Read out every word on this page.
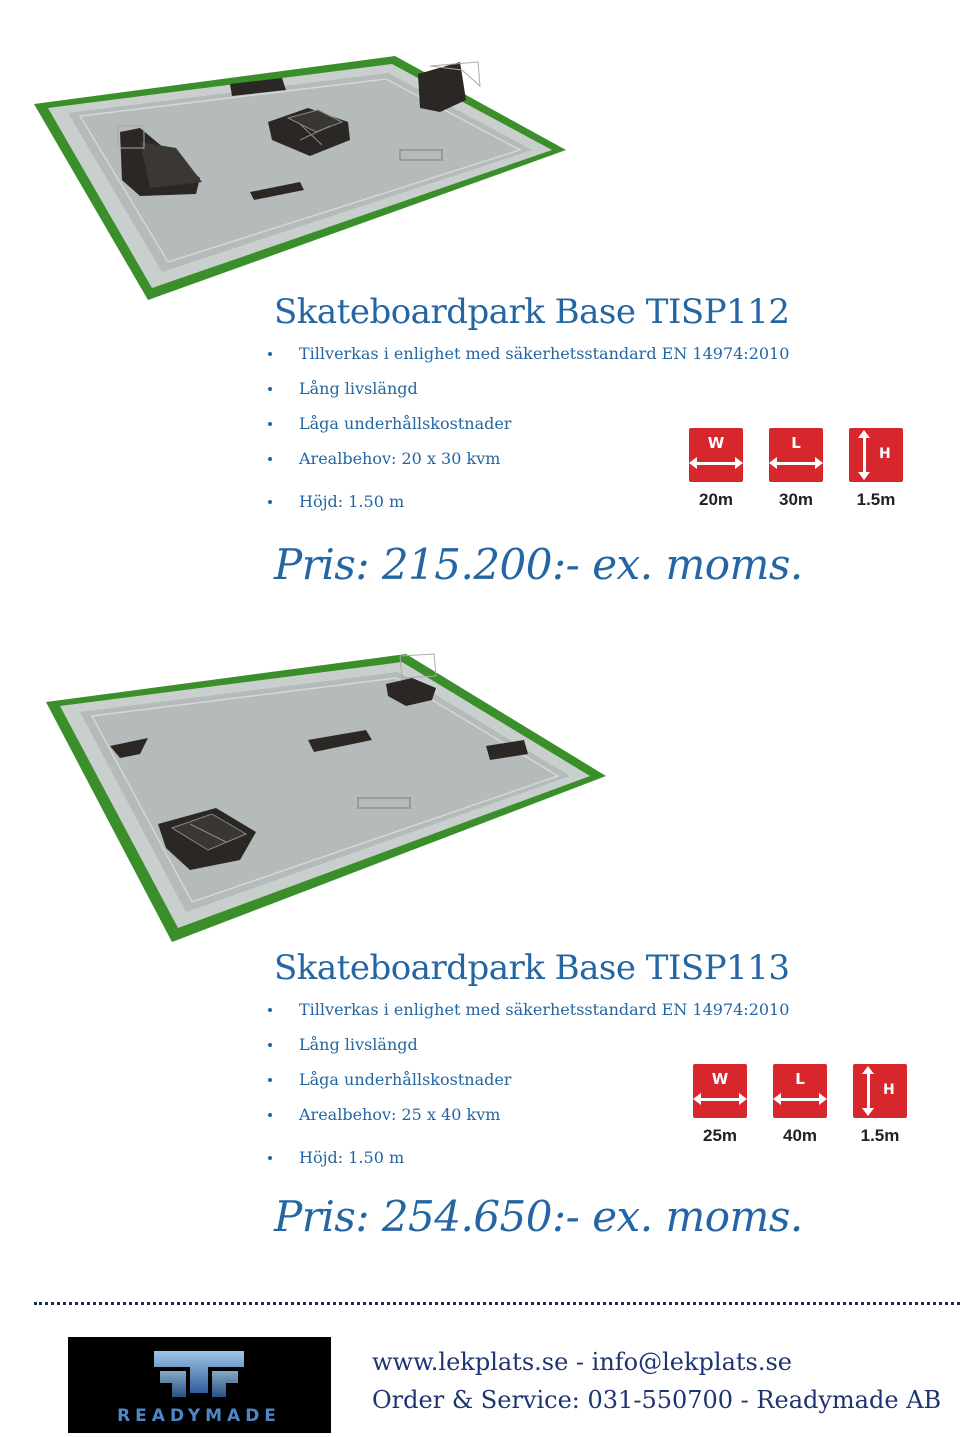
Skateboardpark Base TISP112
Tillverkas i enlighet med säkerhetsstandard EN 14974:2010
Lång livslängd
Låga underhållskostnader
Arealbehov: 20 x 30 kvm
Höjd: 1.50 m
W
20m
L
30m
H
1.5m

Pris: 215.200:- ex. moms.

Skateboardpark Base TISP113
Tillverkas i enlighet med säkerhetsstandard EN 14974:2010
Lång livslängd
Låga underhållskostnader
Arealbehov: 25 x 40 kvm
Höjd: 1.50 m
W
25m
L
40m
H
1.5m

Pris: 254.650:- ex. moms.

READYMADE

www.lekplats.se - info@lekplats.se

Order & Service: 031-550700 - Readymade AB
